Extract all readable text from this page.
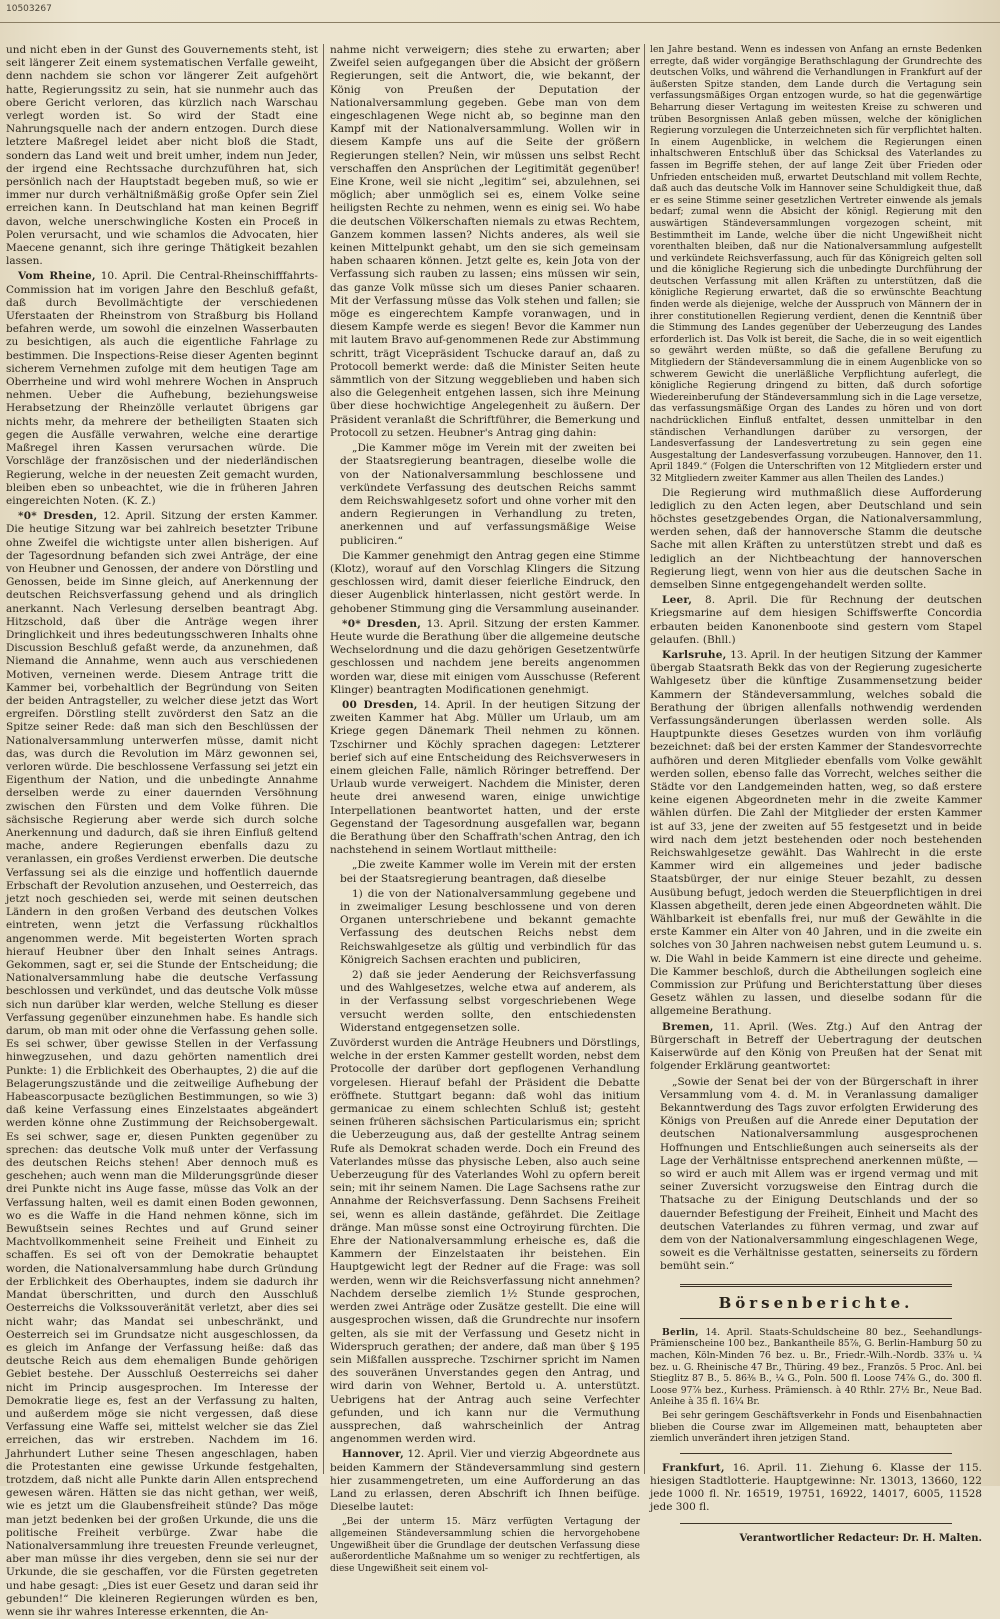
10503267

und nicht eben in der Gunst des Gouvernements steht, ist seit längerer Zeit einem systematischen Verfalle geweiht, denn nachdem sie schon vor längerer Zeit aufgehört hatte, Regierungssitz zu sein, hat sie nunmehr auch das obere Gericht verloren, das kürzlich nach Warschau verlegt worden ist. So wird der Stadt eine Nahrungsquelle nach der andern entzogen. Durch diese letztere Maßregel leidet aber nicht bloß die Stadt, sondern das Land weit und breit umher, indem nun Jeder, der irgend eine Rechtssache durchzuführen hat, sich persönlich nach der Hauptstadt begeben muß, so wie er immer nur durch verhältnißmäßig große Opfer sein Ziel erreichen kann. In Deutschland hat man keinen Begriff davon, welche unerschwingliche Kosten ein Proceß in Polen verursacht, und wie schamlos die Advocaten, hier Maecene genannt, sich ihre geringe Thätigkeit bezahlen lassen.

Vom Rheine, 10. April. Die Central-Rheinschifffahrts-Commission hat im vorigen Jahre den Beschluß gefaßt, daß durch Bevollmächtigte der verschiedenen Uferstaaten der Rheinstrom von Straßburg bis Holland befahren werde, um sowohl die einzelnen Wasserbauten zu besichtigen, als auch die eigentliche Fahrlage zu bestimmen. Die Inspections-Reise dieser Agenten beginnt sicherem Vernehmen zufolge mit dem heutigen Tage am Oberrheine und wird wohl mehrere Wochen in Anspruch nehmen. Ueber die Aufhebung, beziehungsweise Herabsetzung der Rheinzölle verlautet übrigens gar nichts mehr, da mehrere der betheiligten Staaten sich gegen die Ausfälle verwahren, welche eine derartige Maßregel ihren Kassen verursachen würde. Die Vorschläge der französischen und der niederländischen Regierung, welche in der neuesten Zeit gemacht wurden, bleiben eben so unbeachtet, wie die in früheren Jahren eingereichten Noten. (K. Z.)

*0* Dresden, 12. April. Sitzung der ersten Kammer. Die heutige Sitzung war bei zahlreich besetzter Tribune ohne Zweifel die wichtigste unter allen bisherigen. Auf der Tagesordnung befanden sich zwei Anträge, der eine von Heubner und Genossen, der andere von Dörstling und Genossen, beide im Sinne gleich, auf Anerkennung der deutschen Reichsverfassung gehend und als dringlich anerkannt. Nach Verlesung derselben beantragt Abg. Hitzschold, daß über die Anträge wegen ihrer Dringlichkeit und ihres bedeutungsschweren Inhalts ohne Discussion Beschluß gefaßt werde, da anzunehmen, daß Niemand die Annahme, wenn auch aus verschiedenen Motiven, verneinen werde. Diesem Antrage tritt die Kammer bei, vorbehaltlich der Begründung von Seiten der beiden Antragsteller, zu welcher diese jetzt das Wort ergreifen. Dörstling stellt zuvörderst den Satz an die Spitze seiner Rede: daß man sich den Beschlüssen der Nationalversammlung unterwerfen müsse, damit nicht das, was durch die Revolution im März gewonnen sei, verloren würde. Die beschlossene Verfassung sei jetzt ein Eigenthum der Nation, und die unbedingte Annahme derselben werde zu einer dauernden Versöhnung zwischen den Fürsten und dem Volke führen. Die sächsische Regierung aber werde sich durch solche Anerkennung und dadurch, daß sie ihren Einfluß geltend mache, andere Regierungen ebenfalls dazu zu veranlassen, ein großes Verdienst erwerben. Die deutsche Verfassung sei als die einzige und hoffentlich dauernde Erbschaft der Revolution anzusehen, und Oesterreich, das jetzt noch geschieden sei, werde mit seinen deutschen Ländern in den großen Verband des deutschen Volkes eintreten, wenn jetzt die Verfassung rückhaltlos angenommen werde. Mit begeisterten Worten sprach hierauf Heubner über den Inhalt seines Antrags. Gekommen, sagt er, sei die Stunde der Entscheidung; die Nationalversammlung habe die deutsche Verfassung beschlossen und verkündet, und das deutsche Volk müsse sich nun darüber klar werden, welche Stellung es dieser Verfassung gegenüber einzunehmen habe. Es handle sich darum, ob man mit oder ohne die Verfassung gehen solle. Es sei schwer, über gewisse Stellen in der Verfassung hinwegzusehen, und dazu gehörten namentlich drei Punkte: 1) die Erblichkeit des Oberhauptes, 2) die auf die Belagerungszustände und die zeitweilige Aufhebung der Habeascorpusacte bezüglichen Bestimmungen, so wie 3) daß keine Verfassung eines Einzelstaates abgeändert werden könne ohne Zustimmung der Reichsobergewalt. Es sei schwer, sage er, diesen Punkten gegenüber zu sprechen: das deutsche Volk muß unter der Verfassung des deutschen Reichs stehen! Aber dennoch muß es geschehen; auch wenn man die Milderungsgründe dieser drei Punkte nicht ins Auge fasse, müsse das Volk an der Verfassung halten, weil es damit einen Boden gewonnen, wo es die Waffe in die Hand nehmen könne, sich im Bewußtsein seines Rechtes und auf Grund seiner Machtvollkommenheit seine Freiheit und Einheit zu schaffen. Es sei oft von der Demokratie behauptet worden, die Nationalversammlung habe durch Gründung der Erblichkeit des Oberhauptes, indem sie dadurch ihr Mandat überschritten, und durch den Ausschluß Oesterreichs die Volkssouveränität verletzt, aber dies sei nicht wahr; das Mandat sei unbeschränkt, und Oesterreich sei im Grundsatze nicht ausgeschlossen, da es gleich im Anfange der Verfassung heiße: daß das deutsche Reich aus dem ehemaligen Bunde gehörigen Gebiet bestehe. Der Ausschluß Oesterreichs sei daher nicht im Princip ausgesprochen. Im Interesse der Demokratie liege es, fest an der Verfassung zu halten, und außerdem möge sie nicht vergessen, daß diese Verfassung eine Waffe sei, mittelst welcher sie das Ziel erreichen, das wir erstreben. Nachdem im 16. Jahrhundert Luther seine Thesen angeschlagen, haben die Protestanten eine gewisse Urkunde festgehalten, trotzdem, daß nicht alle Punkte darin Allen entsprechend gewesen wären. Hätten sie das nicht gethan, wer weiß, wie es jetzt um die Glaubensfreiheit stünde? Das möge man jetzt bedenken bei der großen Urkunde, die uns die politische Freiheit verbürge. Zwar habe die Nationalversammlung ihre treuesten Freunde verleugnet, aber man müsse ihr dies vergeben, denn sie sei nur der Urkunde, die sie geschaffen, vor die Fürsten gegetreten und habe gesagt: „Dies ist euer Gesetz und daran seid ihr gebunden!“ Die kleineren Regierungen würden es ben, wenn sie ihr wahres Interesse erkennten, die An-

nahme nicht verweigern; dies stehe zu erwarten; aber Zweifel seien aufgegangen über die Absicht der größern Regierungen, seit die Antwort, die, wie bekannt, der König von Preußen der Deputation der Nationalversammlung gegeben. Gebe man von dem eingeschlagenen Wege nicht ab, so beginne man den Kampf mit der Nationalversammlung. Wollen wir in diesem Kampfe uns auf die Seite der größern Regierungen stellen? Nein, wir müssen uns selbst Recht verschaffen den Ansprüchen der Legitimität gegenüber! Eine Krone, weil sie nicht „legitim“ sei, abzulehnen, sei möglich; aber unmöglich sei es, einem Volke seine heiligsten Rechte zu nehmen, wenn es einig sei. Wo habe die deutschen Völkerschaften niemals zu etwas Rechtem, Ganzem kommen lassen? Nichts anderes, als weil sie keinen Mittelpunkt gehabt, um den sie sich gemeinsam haben schaaren können. Jetzt gelte es, kein Jota von der Verfassung sich rauben zu lassen; eins müssen wir sein, das ganze Volk müsse sich um dieses Panier schaaren. Mit der Verfassung müsse das Volk stehen und fallen; sie möge es eingerechtem Kampfe voranwagen, und in diesem Kampfe werde es siegen! Bevor die Kammer nun mit lautem Bravo auf-genommenen Rede zur Abstimmung schritt, trägt Vicepräsident Tschucke darauf an, daß zu Protocoll bemerkt werde: daß die Minister Seiten heute sämmtlich von der Sitzung weggeblieben und haben sich also die Gelegenheit entgehen lassen, sich ihre Meinung über diese hochwichtige Angelegenheit zu äußern. Der Präsident veranlaßt die Schriftführer, die Bemerkung und Protocoll zu setzen. Heubner's Antrag ging dahin:

„Die Kammer möge im Verein mit der zweiten bei der Staatsregierung beantragen, dieselbe wolle die von der Nationalversammlung beschlossene und verkündete Verfassung des deutschen Reichs sammt dem Reichswahlgesetz sofort und ohne vorher mit den andern Regierungen in Verhandlung zu treten, anerkennen und auf verfassungsmäßige Weise publiciren.“

Die Kammer genehmigt den Antrag gegen eine Stimme (Klotz), worauf auf den Vorschlag Klingers die Sitzung geschlossen wird, damit dieser feierliche Eindruck, den dieser Augenblick hinterlassen, nicht gestört werde. In gehobener Stimmung ging die Versammlung auseinander.

*0* Dresden, 13. April. Sitzung der ersten Kammer. Heute wurde die Berathung über die allgemeine deutsche Wechselordnung und die dazu gehörigen Gesetzentwürfe geschlossen und nachdem jene bereits angenommen worden war, diese mit einigen vom Ausschusse (Referent Klinger) beantragten Modificationen genehmigt.

00 Dresden, 14. April. In der heutigen Sitzung der zweiten Kammer hat Abg. Müller um Urlaub, um am Kriege gegen Dänemark Theil nehmen zu können. Tzschirner und Köchly sprachen dagegen: Letzterer berief sich auf eine Entscheidung des Reichsverwesers in einem gleichen Falle, nämlich Röringer betreffend. Der Urlaub wurde verweigert. Nachdem die Minister, deren heute drei anwesend waren, einige unwichtige Interpellationen beantwortet hatten, und der erste Gegenstand der Tagesordnung ausgefallen war, begann die Berathung über den Schaffrath'schen Antrag, den ich nachstehend in seinem Wortlaut mittheile:

„Die zweite Kammer wolle im Verein mit der ersten bei der Staatsregierung beantragen, daß dieselbe

1) die von der Nationalversammlung gegebene und in zweimaliger Lesung beschlossene und von deren Organen unterschriebene und bekannt gemachte Verfassung des deutschen Reichs nebst dem Reichswahlgesetze als gültig und verbindlich für das Königreich Sachsen erachten und publiciren,

2) daß sie jeder Aenderung der Reichsverfassung und des Wahlgesetzes, welche etwa auf anderem, als in der Verfassung selbst vorgeschriebenen Wege versucht werden sollte, den entschiedensten Widerstand entgegensetzen solle.

Zuvörderst wurden die Anträge Heubners und Dörstlings, welche in der ersten Kammer gestellt worden, nebst dem Protocolle der darüber dort gepflogenen Verhandlung vorgelesen. Hierauf befahl der Präsident die Debatte eröffnete. Stuttgart begann: daß wohl das initium germanicae zu einem schlechten Schluß ist; gesteht seinen früheren sächsischen Particularismus ein; spricht die Ueberzeugung aus, daß der gestellte Antrag seinem Rufe als Demokrat schaden werde. Doch ein Freund des Vaterlandes müsse das physische Leben, also auch seine Ueberzeugung für des Vaterlandes Wohl zu opfern bereit sein; mit ihr seinem Namen. Die Lage Sachsens rathe zur Annahme der Reichsverfassung. Denn Sachsens Freiheit sei, wenn es allein dastände, gefährdet. Die Zeitlage dränge. Man müsse sonst eine Octroyirung fürchten. Die Ehre der Nationalversammlung erheische es, daß die Kammern der Einzelstaaten ihr beistehen. Ein Hauptgewicht legt der Redner auf die Frage: was soll werden, wenn wir die Reichsverfassung nicht annehmen? Nachdem derselbe ziemlich 1½ Stunde gesprochen, werden zwei Anträge oder Zusätze gestellt. Die eine will ausgesprochen wissen, daß die Grundrechte nur insofern gelten, als sie mit der Verfassung und Gesetz nicht in Widerspruch gerathen; der andere, daß man über § 195 sein Mißfallen ausspreche. Tzschirner spricht im Namen des souveränen Unverstandes gegen den Antrag, und wird darin von Wehner, Bertold u. A. unterstützt. Uebrigens hat der Antrag auch seine Verfechter gefunden, und ich kann nur die Vermuthung aussprechen, daß wahrscheinlich der Antrag angenommen werden wird.

Hannover, 12. April. Vier und vierzig Abgeordnete aus beiden Kammern der Ständeversammlung sind gestern hier zusammengetreten, um eine Aufforderung an das Land zu erlassen, deren Abschrift ich Ihnen beifüge. Dieselbe lautet:

„Bei der unterm 15. März verfügten Vertagung der allgemeinen Ständeversammlung schien die hervorgehobene Ungewißheit über die Grundlage der deutschen Verfassung diese außerordentliche Maßnahme um so weniger zu rechtfertigen, als diese Ungewißheit seit einem vol-

len Jahre bestand. Wenn es indessen von Anfang an ernste Bedenken erregte, daß wider vorgängige Berathschlagung der Grundrechte des deutschen Volks, und während die Verhandlungen in Frankfurt auf der äußersten Spitze standen, dem Lande durch die Vertagung sein verfassungsmäßiges Organ entzogen wurde, so hat die gegenwärtige Beharrung dieser Vertagung im weitesten Kreise zu schweren und trüben Besorgnissen Anlaß geben müssen, welche der königlichen Regierung vorzulegen die Unterzeichneten sich für verpflichtet halten. In einem Augenblicke, in welchem die Regierungen einen inhaltschweren Entschluß über das Schicksal des Vaterlandes zu fassen im Begriffe stehen, der auf lange Zeit über Frieden oder Unfrieden entscheiden muß, erwartet Deutschland mit vollem Rechte, daß auch das deutsche Volk im Hannover seine Schuldigkeit thue, daß er es seine Stimme seiner gesetzlichen Vertreter einwende als jemals bedarf; zumal wenn die Absicht der königl. Regierung mit den auswärtigen Ständeversammlungen vorgezogen scheint, mit Bestimmtheit im Lande, welche über die nicht Ungewißheit nicht vorenthalten bleiben, daß nur die Nationalversammlung aufgestellt und verkündete Reichsverfassung, auch für das Königreich gelten soll und die königliche Regierung sich die unbedingte Durchführung der deutschen Verfassung mit allen Kräften zu unterstützen, daß die königliche Regierung erwartet, daß die so erwünschte Beachtung finden werde als diejenige, welche der Ausspruch von Männern der in ihrer constitutionellen Regierung verdient, denen die Kenntniß über die Stimmung des Landes gegenüber der Ueberzeugung des Landes erforderlich ist. Das Volk ist bereit, die Sache, die in so weit eigentlich so gewährt werden müßte, so daß die gefallene Berufung zu Mitgliedern der Ständeversammlung die in einem Augenblicke von so schwerem Gewicht die unerläßliche Verpflichtung auferlegt, die königliche Regierung dringend zu bitten, daß durch sofortige Wiedereinberufung der Ständeversammlung sich in die Lage versetze, das verfassungsmäßige Organ des Landes zu hören und von dort nachdrücklichen Einfluß entfaltet, dessen unmittelbar in den ständischen Verhandlungen darüber zu versorgen, der Landesverfassung der Landesvertretung zu sein gegen eine Ausgestaltung der Landesverfassung vorzubeugen. Hannover, den 11. April 1849.“ (Folgen die Unterschriften von 12 Mitgliedern erster und 32 Mitgliedern zweiter Kammer aus allen Theilen des Landes.)

Die Regierung wird muthmaßlich diese Aufforderung lediglich zu den Acten legen, aber Deutschland und sein höchstes gesetzgebendes Organ, die Nationalversammlung, werden sehen, daß der hannoversche Stamm die deutsche Sache mit allen Kräften zu unterstützen strebt und daß es lediglich an der Nichtbeachtung der hannoverschen Regierung liegt, wenn von hier aus die deutschen Sache in demselben Sinne entgegengehandelt werden sollte.

Leer, 8. April. Die für Rechnung der deutschen Kriegsmarine auf dem hiesigen Schiffswerfte Concordia erbauten beiden Kanonenboote sind gestern vom Stapel gelaufen. (Bhll.)

Karlsruhe, 13. April. In der heutigen Sitzung der Kammer übergab Staatsrath Bekk das von der Regierung zugesicherte Wahlgesetz über die künftige Zusammensetzung beider Kammern der Ständeversammlung, welches sobald die Berathung der übrigen allenfalls nothwendig werdenden Verfassungsänderungen überlassen werden solle. Als Hauptpunkte dieses Gesetzes wurden von ihm vorläufig bezeichnet: daß bei der ersten Kammer der Standesvorrechte aufhören und deren Mitglieder ebenfalls vom Volke gewählt werden sollen, ebenso falle das Vorrecht, welches seither die Städte vor den Landgemeinden hatten, weg, so daß erstere keine eigenen Abgeordneten mehr in die zweite Kammer wählen dürfen. Die Zahl der Mitglieder der ersten Kammer ist auf 33, jene der zweiten auf 55 festgesetzt und in beide wird nach dem jetzt bestehenden oder noch bestehenden Reichswahlgesetze gewählt. Das Wahlrecht in die erste Kammer wird ein allgemeines und jeder badische Staatsbürger, der nur einige Steuer bezahlt, zu dessen Ausübung befugt, jedoch werden die Steuerpflichtigen in drei Klassen abgetheilt, deren jede einen Abgeordneten wählt. Die Wählbarkeit ist ebenfalls frei, nur muß der Gewählte in die erste Kammer ein Alter von 40 Jahren, und in die zweite ein solches von 30 Jahren nachweisen nebst gutem Leumund u. s. w. Die Wahl in beide Kammern ist eine directe und geheime. Die Kammer beschloß, durch die Abtheilungen sogleich eine Commission zur Prüfung und Berichterstattung über dieses Gesetz wählen zu lassen, und dieselbe sodann für die allgemeine Berathung.

Bremen, 11. April. (Wes. Ztg.) Auf den Antrag der Bürgerschaft in Betreff der Uebertragung der deutschen Kaiserwürde auf den König von Preußen hat der Senat mit folgender Erklärung geantwortet:

„Sowie der Senat bei der von der Bürgerschaft in ihrer Versammlung vom 4. d. M. in Veranlassung damaliger Bekanntwerdung des Tags zuvor erfolgten Erwiderung des Königs von Preußen auf die Anrede einer Deputation der deutschen Nationalversammlung ausgesprochenen Hoffnungen und Entschließungen auch seinerseits als der Lage der Verhältnisse entsprechend anerkennen müßte, — so wird er auch mit Allem was er irgend vermag und mit seiner Zuversicht vorzugsweise den Eintrag durch die Thatsache zu der Einigung Deutschlands und der so dauernder Befestigung der Freiheit, Einheit und Macht des deutschen Vaterlandes zu führen vermag, und zwar auf dem von der Nationalversammlung eingeschlagenen Wege, soweit es die Verhältnisse gestatten, seinerseits zu fördern bemüht sein.“

Börsenberichte.

Berlin, 14. April. Staats-Schuldscheine 80 bez., Seehandlungs-Prämienscheine 100 bez., Bankantheile 85⅞, G. Berlin-Hamburg 50 zu machen, Köln-Minden 76 bez. u. Br., Friedr.-Wilh.-Nordb. 33⅞ u. ¼ bez. u. G. Rheinische 47 Br., Thüring. 49 bez., Französ. 5 Proc. Anl. bei Stieglitz 87 B., 5. 86⅜ B., ¼ G., Poln. 500 fl. Loose 74⅞ G., do. 300 fl. Loose 97⅞ bez., Kurhess. Prämiensch. à 40 Rthlr. 27½ Br., Neue Bad. Anleihe à 35 fl. 16¼ Br.

Bei sehr geringem Geschäftsverkehr in Fonds und Eisenbahnactien blieben die Course zwar im Allgemeinen matt, behaupteten aber ziemlich unverändert ihren jetzigen Stand.

Frankfurt, 16. April. 11. Ziehung 6. Klasse der 115. hiesigen Stadtlotterie. Hauptgewinne: Nr. 13013, 13660, 122 jede 1000 fl. Nr. 16519, 19751, 16922, 14017, 6005, 11528 jede 300 fl.

Verantwortlicher Redacteur: Dr. H. Malten.
